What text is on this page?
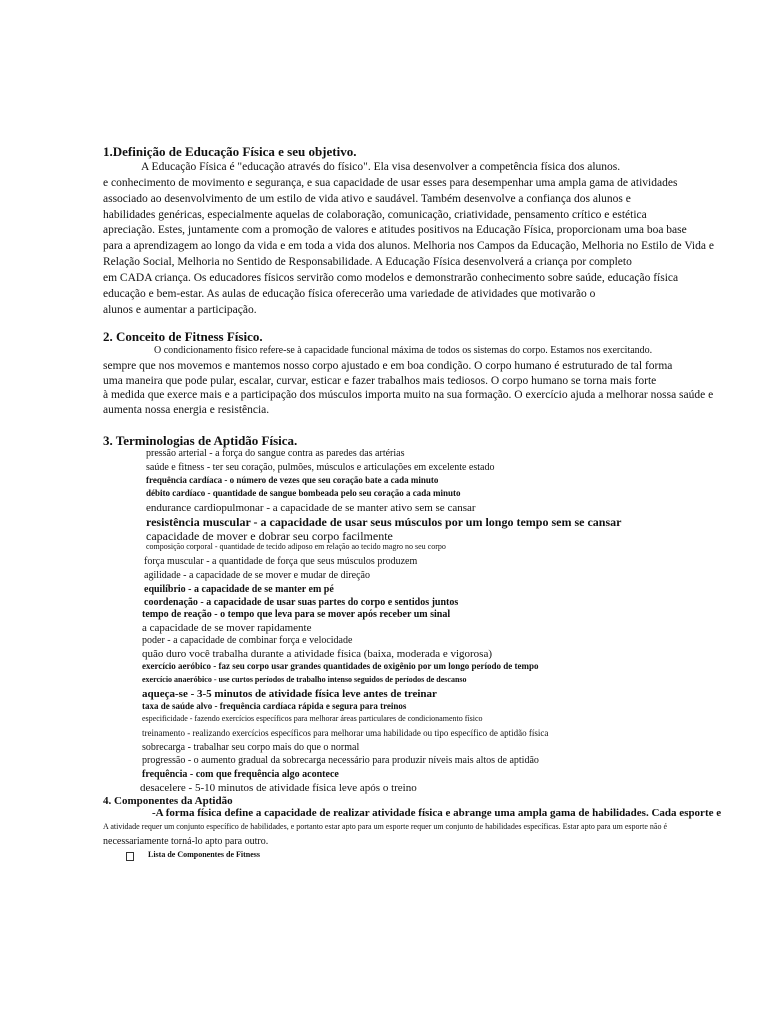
1.Definição de Educação Física e seu objetivo.
A Educação Física é "educação através do físico". Ela visa desenvolver a competência física dos alunos.
e conhecimento de movimento e segurança, e sua capacidade de usar esses para desempenhar uma ampla gama de atividades
associado ao desenvolvimento de um estilo de vida ativo e saudável. Também desenvolve a confiança dos alunos e
habilidades genéricas, especialmente aquelas de colaboração, comunicação, criatividade, pensamento crítico e estética
apreciação. Estes, juntamente com a promoção de valores e atitudes positivos na Educação Física, proporcionam uma boa base
para a aprendizagem ao longo da vida e em toda a vida dos alunos. Melhoria nos Campos da Educação, Melhoria no Estilo de Vida e
Relação Social, Melhoria no Sentido de Responsabilidade. A Educação Física desenvolverá a criança por completo
em CADA criança. Os educadores físicos servirão como modelos e demonstrarão conhecimento sobre saúde, educação física
educação e bem-estar. As aulas de educação física oferecerão uma variedade de atividades que motivarão o
alunos e aumentar a participação.
2. Conceito de Fitness Físico.
O condicionamento físico refere-se à capacidade funcional máxima de todos os sistemas do corpo. Estamos nos exercitando.
sempre que nos movemos e mantemos nosso corpo ajustado e em boa condição. O corpo humano é estruturado de tal forma
uma maneira que pode pular, escalar, curvar, esticar e fazer trabalhos mais tediosos. O corpo humano se torna mais forte
à medida que exerce mais e a participação dos músculos importa muito na sua formação. O exercício ajuda a melhorar nossa saúde e
aumenta nossa energia e resistência.
3. Terminologias de Aptidão Física.
pressão arterial - a força do sangue contra as paredes das artérias
saúde e fitness - ter seu coração, pulmões, músculos e articulações em excelente estado
frequência cardíaca - o número de vezes que seu coração bate a cada minuto
débito cardíaco - quantidade de sangue bombeada pelo seu coração a cada minuto
endurance cardiopulmonar - a capacidade de se manter ativo sem se cansar
resistência muscular - a capacidade de usar seus músculos por um longo tempo sem se cansar
capacidade de mover e dobrar seu corpo facilmente
composição corporal - quantidade de tecido adiposo em relação ao tecido magro no seu corpo
força muscular - a quantidade de força que seus músculos produzem
agilidade - a capacidade de se mover e mudar de direção
equilíbrio - a capacidade de se manter em pé
coordenação - a capacidade de usar suas partes do corpo e sentidos juntos
tempo de reação - o tempo que leva para se mover após receber um sinal
a capacidade de se mover rapidamente
poder - a capacidade de combinar força e velocidade
quão duro você trabalha durante a atividade física (baixa, moderada e vigorosa)
exercício aeróbico - faz seu corpo usar grandes quantidades de oxigênio por um longo período de tempo
exercício anaeróbico - use curtos períodos de trabalho intenso seguidos de períodos de descanso
aqueça-se - 3-5 minutos de atividade física leve antes de treinar
taxa de saúde alvo - frequência cardíaca rápida e segura para treinos
especificidade - fazendo exercícios específicos para melhorar áreas particulares de condicionamento físico
treinamento - realizando exercícios específicos para melhorar uma habilidade ou tipo específico de aptidão física
sobrecarga - trabalhar seu corpo mais do que o normal
progressão - o aumento gradual da sobrecarga necessário para produzir níveis mais altos de aptidão
frequência - com que frequência algo acontece
desacelere - 5-10 minutos de atividade física leve após o treino
4. Componentes da Aptidão
-A forma física define a capacidade de realizar atividade física e abrange uma ampla gama de habilidades. Cada esporte e
A atividade requer um conjunto específico de habilidades, e portanto estar apto para um esporte requer um conjunto de habilidades específicas. Estar apto para um esporte não é
necessariamente torná-lo apto para outro.
Lista de Componentes de Fitness
